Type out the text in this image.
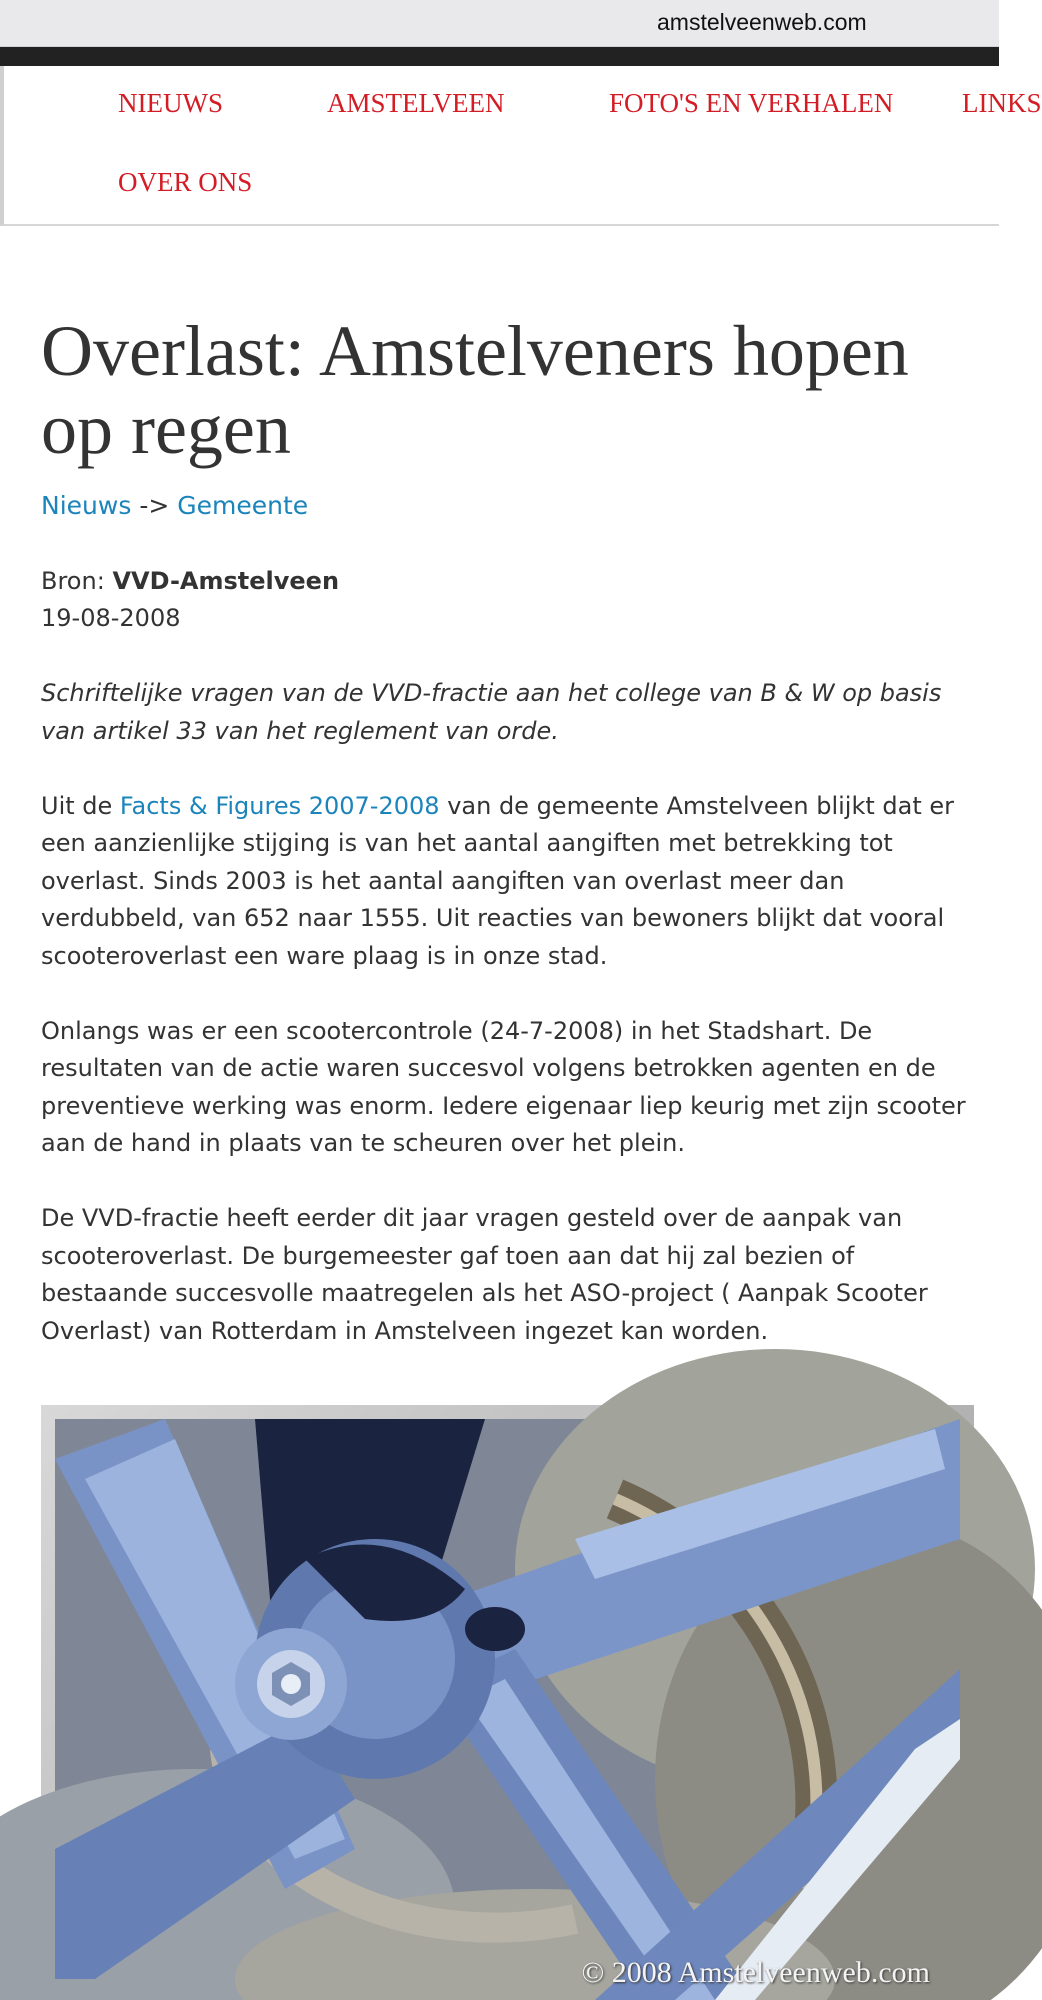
amstelveenweb.com
NIEUWS	AMSTELVEEN	FOTO'S EN VERHALEN	LINKS
OVER ONS
Overlast: Amstelveners hopen op regen
Nieuws -> Gemeente
Bron: VVD-Amstelveen
19-08-2008

Schriftelijke vragen van de VVD-fractie aan het college van B & W op basis van artikel 33 van het reglement van orde.

Uit de Facts & Figures 2007-2008 van de gemeente Amstelveen blijkt dat er een aanzienlijke stijging is van het aantal aangiften met betrekking tot overlast. Sinds 2003 is het aantal aangiften van overlast meer dan verdubbeld, van 652 naar 1555. Uit reacties van bewoners blijkt dat vooral scooteroverlast een ware plaag is in onze stad.

Onlangs was er een scootercontrole (24-7-2008) in het Stadshart. De resultaten van de actie waren succesvol volgens betrokken agenten en de preventieve werking was enorm. Iedere eigenaar liep keurig met zijn scooter aan de hand in plaats van te scheuren over het plein.

De VVD-fractie heeft eerder dit jaar vragen gesteld over de aanpak van scooteroverlast. De burgemeester gaf toen aan dat hij zal bezien of bestaande succesvolle maatregelen als het ASO-project ( Aanpak Scooter Overlast) van Rotterdam in Amstelveen ingezet kan worden.

© 2008 Amstelveenweb.com
